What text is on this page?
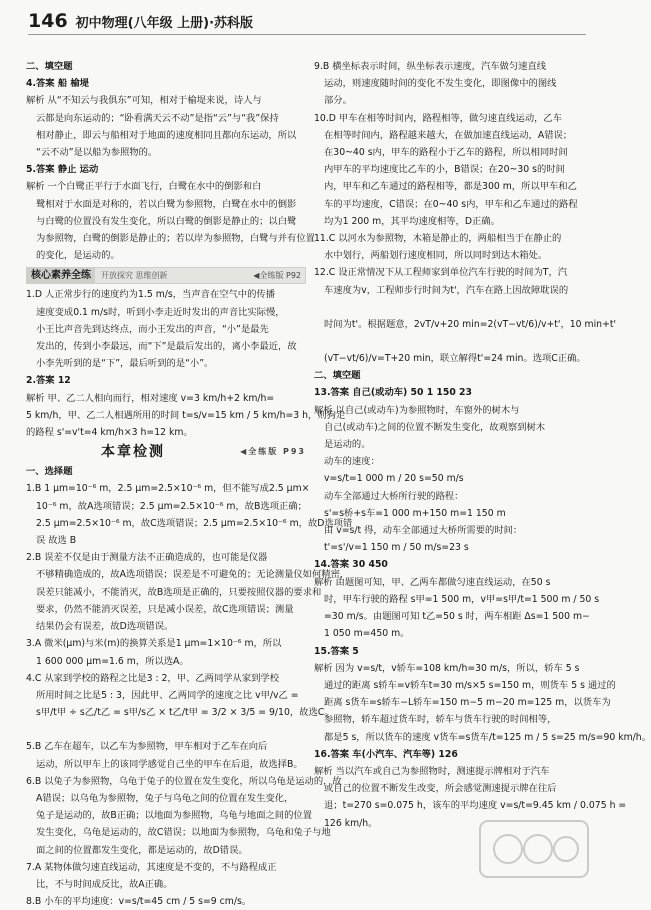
146 初中物理(八年级 上册)·苏科版
二、填空题
4.答案 船 榆堤
解析 从“不知云与我俱东”可知，相对于榆堤来说，诗人与
云都是向东运动的；“卧看满天云不动”是指“云”与“我”保持
相对静止，即云与船相对于地面的速度相同且都向东运动，所以
“云不动”是以船为参照物的。
5.答案 静止 运动
解析 一个白鹭正平行于水面飞行，白鹭在水中的倒影和白
鹭相对于水面是对称的，若以白鹭为参照物，白鹭在水中的倒影
与白鹭的位置没有发生变化，所以白鹭的倒影是静止的；以白鹭
为参照物，白鹭的倒影是静止的；若以岸为参照物，白鹭与并有位置
的变化，是运动的。
核心素养全练	开放探究 思维创新	◀全练版 P92
1.D 人正常步行的速度约为1.5 m/s，当声音在空气中的传播
速度变成0.1 m/s时，听到小李走近时发出的声音比实际慢，
小王比声音先到达终点，而小王发出的声音，“小”是最先
发出的，传到小李最远，而“下”是最后发出的，离小李最近，故
小李先听到的是“下”，最后听到的是“小”。
2.答案 12
解析 甲、乙二人相向而行，相对速度 v=3 km/h+2 km/h=
5 km/h，甲、乙二人相遇所用的时间 t=s/v=15 km / 5 km/h=3 h，则狗走
的路程 s'=v't=4 km/h×3 h=12 km。
本章检测	◀全练版 P93
一、选择题
1.B 1 μm=10⁻⁶ m，2.5 μm=2.5×10⁻⁶ m，但不能写成2.5 μm×
10⁻⁶ m，故A选项错误；2.5 μm=2.5×10⁻⁶ m，故B选项正确；
2.5 μm=2.5×10⁻⁶ m，故C选项错误；2.5 μm=2.5×10⁻⁶ m，故D选项错
误 故选 B
2.B 误差不仅是由于测量方法不正确造成的，也可能是仪器
不够精确造成的，故A选项错误；误差是不可避免的；无论测量仪如何精密，
误差只能减小，不能消灭，故B选项是正确的，只要按照仪器的要求和
要求，仍然不能消灭误差，只是减小误差，故C选项错误；测量
结果仍会有误差，故D选项错误。
3.A 微米(μm)与米(m)的换算关系是1 μm=1×10⁻⁶ m，所以
1 600 000 μm=1.6 m，所以选A。
4.C 从家到学校的路程之比是3 : 2，甲、乙两同学从家到学校
所用时间之比是5 : 3，因此甲、乙两同学的速度之比 v甲/v乙 =
s甲/t甲 ÷ s乙/t乙 = s甲/s乙 × t乙/t甲 = 3/2 × 3/5 = 9/10，故选C。

5.B 乙车在超车，以乙车为参照物，甲车相对于乙车在向后
运动，所以甲车上的该同学感觉自己坐的甲车在后退，故选择B。
6.B 以兔子为参照物，乌龟于兔子的位置在发生变化，所以乌龟是运动的，故
A错误；以乌龟为参照物，兔子与乌龟之间的位置在发生变化，
兔子是运动的，故B正确；以地面为参照物，乌龟与地面之间的位置
发生变化，乌龟是运动的，故C错误；以地面为参照物，乌龟和兔子与地
面之间的位置都发生变化，都是运动的，故D错误。
7.A 某物体做匀速直线运动，其速度是不变的，不与路程成正
比，不与时间成反比，故A正确。
8.B 小车的平均速度：v=s/t=45 cm / 5 s=9 cm/s。
9.B 横坐标表示时间，纵坐标表示速度，汽车做匀速直线
运动，则速度随时间的变化不发生变化，即图像中的图线
部分。
10.D 甲车在相等时间内，路程相等，做匀速直线运动，乙车
在相等时间内，路程越来越大，在做加速直线运动，A错误；
在30~40 s内，甲车的路程小于乙车的路程，所以相同时间
内甲车的平均速度比乙车的小，B错误；在20~30 s的时间
内，甲车和乙车通过的路程相等，都是300 m，所以甲车和乙
车的平均速度，C错误；在0~40 s内，甲车和乙车通过的路程
均为1 200 m，其平均速度相等，D正确。
11.C 以河水为参照物，木箱是静止的，两船相当于在静止的
水中划行，两船划行速度相同，所以同时到达木箱处。
12.C 设正常情况下从工程师家到单位汽车行驶的时间为T，汽
车速度为v，工程师步行时间为t'，汽车在路上因故障耽误的

时间为t'。根据题意，2vT/v+20 min=2(vT−vt/6)/v+t'，10 min+t'

(vT−vt/6)/v=T+20 min，联立解得t'=24 min。选项C正确。
二、填空题
13.答案 自己(或动车) 50 1 150 23
解析 以自己(或动车)为参照物时，车窗外的树木与
自己(或动车)之间的位置不断发生变化，故观察到树木
是运动的。
动车的速度：
v=s/t=1 000 m / 20 s=50 m/s
动车全部通过大桥所行驶的路程：
s'=s桥+s车=1 000 m+150 m=1 150 m
由 v=s/t 得，动车全部通过大桥所需要的时间：
t'=s'/v=1 150 m / 50 m/s=23 s
14.答案 30 450
解析 由题图可知，甲、乙两车都做匀速直线运动，在50 s
时，甲车行驶的路程 s甲=1 500 m，v甲=s甲/t=1 500 m / 50 s
=30 m/s。由题图可知 t乙=50 s 时，两车相距 Δs=1 500 m−
1 050 m=450 m。
15.答案 5
解析 因为 v=s/t，v轿车=108 km/h=30 m/s，所以，轿车 5 s
通过的距离 s轿车=v轿车t=30 m/s×5 s=150 m，则货车 5 s 通过的
距离 s货车=s轿车−L轿车=150 m−5 m−20 m=125 m，以货车为
参照物，轿车超过货车时，轿车与货车行驶的时间相等，
都是5 s，所以货车的速度 v货车=s货车/t=125 m / 5 s=25 m/s=90 km/h。
16.答案 车(小汽车、汽车等) 126
解析 当以汽车或自己为参照物时，测速提示牌相对于汽车
或自己的位置不断发生改变，所会感觉测速提示牌在往后
退；t=270 s=0.075 h，该车的平均速度 v=s/t=9.45 km / 0.075 h =
126 km/h。
